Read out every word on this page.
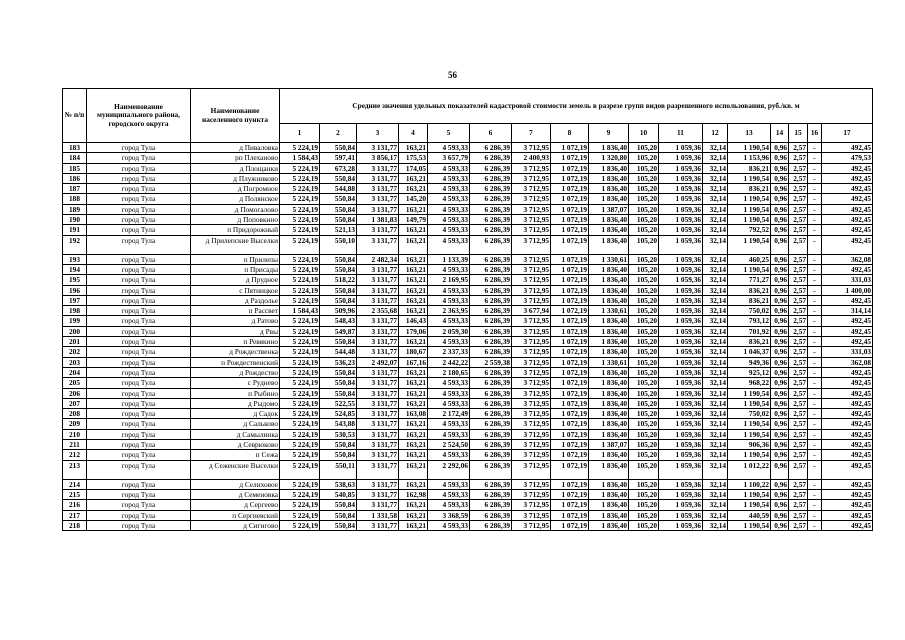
56
№ п/п	Наименование муниципального района, городского округа	Наименование населенного пункта	Средние значения удельных показателей кадастровой стоимости земель в разрезе групп видов разрешенного использования, руб./кв. м																
			1	2	3	4	5	6	7	8	9	10	11	12	13	14	15	16	17
183	город Тула	д Пиваловка	5 224,19	550,84	3 131,77	163,21	4 593,33	6 286,39	3 712,95	1 072,19	1 836,40	105,20	1 059,36	32,14	1 190,54	0,96	2,57	-	492,45
184	город Тула	рп Плеханово	1 584,43	597,41	3 856,17	175,53	3 657,79	6 286,39	2 400,93	1 072,19	1 320,80	105,20	1 059,36	32,14	1 153,96	0,96	2,57	-	479,53
185	город Тула	д Площанки	5 224,19	673,28	3 131,77	174,05	4 593,33	6 286,39	3 712,95	1 072,19	1 836,40	105,20	1 059,36	32,14	836,21	0,96	2,57	-	492,45
186	город Тула	д Плужниково	5 224,19	550,84	3 131,77	163,21	4 593,33	6 286,39	3 712,95	1 072,19	1 836,40	105,20	1 059,36	32,14	1 190,54	0,96	2,57	-	492,45
187	город Тула	д Погромное	5 224,19	544,88	3 131,77	163,21	4 593,33	6 286,39	3 712,95	1 072,19	1 836,40	105,20	1 059,36	32,14	836,21	0,96	2,57	-	492,45
188	город Тула	д Полянское	5 224,19	550,84	3 131,77	145,20	4 593,33	6 286,39	3 712,95	1 072,19	1 836,40	105,20	1 059,36	32,14	1 190,54	0,96	2,57	-	492,45
189	город Тула	д Помогалово	5 224,19	550,84	3 131,77	163,21	4 593,33	6 286,39	3 712,95	1 072,19	1 387,07	105,20	1 059,36	32,14	1 190,54	0,96	2,57	-	492,45
190	город Тула	д Поповкино	5 224,19	550,84	1 381,83	149,79	4 593,33	6 286,39	3 712,95	1 072,19	1 836,40	105,20	1 059,36	32,14	1 190,54	0,96	2,57	-	492,45
191	город Тула	п Придорожный	5 224,19	521,13	3 131,77	163,21	4 593,33	6 286,39	3 712,95	1 072,19	1 836,40	105,20	1 059,36	32,14	792,52	0,96	2,57	-	492,45
192	город Тула	д Прилепские Выселки	5 224,19	550,10	3 131,77	163,21	4 593,33	6 286,39	3 712,95	1 072,19	1 836,40	105,20	1 059,36	32,14	1 190,54	0,96	2,57	-	492,45
193	город Тула	п Прилепы	5 224,19	550,84	2 482,34	163,21	1 133,39	6 286,39	3 712,95	1 072,19	1 330,61	105,20	1 059,36	32,14	460,25	0,96	2,57	-	362,08
194	город Тула	п Присады	5 224,19	550,84	3 131,77	163,21	4 593,33	6 286,39	3 712,95	1 072,19	1 836,40	105,20	1 059,36	32,14	1 190,54	0,96	2,57	-	492,45
195	город Тула	д Прудное	5 224,19	518,22	3 131,77	163,21	2 169,95	6 286,39	3 712,95	1 072,19	1 836,40	105,20	1 059,36	32,14	771,27	0,96	2,57	-	331,03
196	город Тула	с Пятницкое	5 224,19	550,84	3 131,77	163,21	4 593,33	6 286,39	3 712,95	1 072,19	1 836,40	105,20	1 059,36	32,14	836,21	0,96	2,57	-	1 400,00
197	город Тула	д Раздолье	5 224,19	550,84	3 131,77	163,21	4 593,33	6 286,39	3 712,95	1 072,19	1 836,40	105,20	1 059,36	32,14	836,21	0,96	2,57	-	492,45
198	город Тула	п Рассвет	1 584,43	509,96	2 355,68	163,21	2 363,95	6 286,39	3 677,94	1 072,19	1 330,61	105,20	1 059,36	32,14	750,02	0,96	2,57	-	314,14
199	город Тула	д Ратово	5 224,19	548,43	3 131,77	146,43	4 593,33	6 286,39	3 712,95	1 072,19	1 836,40	105,20	1 059,36	32,14	793,12	0,96	2,57	-	492,45
200	город Тула	д Рвы	5 224,19	549,87	3 131,77	179,06	2 059,30	6 286,39	3 712,95	1 072,19	1 836,40	105,20	1 059,36	32,14	701,92	0,96	2,57	-	492,45
201	город Тула	п Ревякино	5 224,19	550,84	3 131,77	163,21	4 593,33	6 286,39	3 712,95	1 072,19	1 836,40	105,20	1 059,36	32,14	836,21	0,96	2,57	-	492,45
202	город Тула	д Рождественка	5 224,19	544,48	3 131,77	180,67	2 337,33	6 286,39	3 712,95	1 072,19	1 836,40	105,20	1 059,36	32,14	1 046,37	0,96	2,57	-	331,03
203	город Тула	п Рождественский	5 224,19	536,23	2 492,07	167,16	2 442,22	2 559,38	3 712,95	1 072,19	1 330,61	105,20	1 059,36	32,14	949,36	0,96	2,57	-	362,08
204	город Тула	д Рождество	5 224,19	550,84	3 131,77	163,21	2 180,65	6 286,39	3 712,95	1 072,19	1 836,40	105,20	1 059,36	32,14	925,12	0,96	2,57	-	492,45
205	город Тула	с Руднево	5 224,19	550,84	3 131,77	163,21	4 593,33	6 286,39	3 712,95	1 072,19	1 836,40	105,20	1 059,36	32,14	968,22	0,96	2,57	-	492,45
206	город Тула	п Рыбино	5 224,19	550,84	3 131,77	163,21	4 593,33	6 286,39	3 712,95	1 072,19	1 836,40	105,20	1 059,36	32,14	1 190,54	0,96	2,57	-	492,45
207	город Тула	д Рыдомо	5 224,19	522,55	3 131,77	163,21	4 593,33	6 286,39	3 712,95	1 072,19	1 836,40	105,20	1 059,36	32,14	1 190,54	0,96	2,57	-	492,45
208	город Тула	д Садок	5 224,19	524,85	3 131,77	163,08	2 172,49	6 286,39	3 712,95	1 072,19	1 836,40	105,20	1 059,36	32,14	750,02	0,96	2,57	-	492,45
209	город Тула	д Сальково	5 224,19	543,88	3 131,77	163,21	4 593,33	6 286,39	3 712,95	1 072,19	1 836,40	105,20	1 059,36	32,14	1 190,54	0,96	2,57	-	492,45
210	город Тула	д Самылинка	5 224,19	530,53	3 131,77	163,21	4 593,33	6 286,39	3 712,95	1 072,19	1 836,40	105,20	1 059,36	32,14	1 190,54	0,96	2,57	-	492,45
211	город Тула	д Севрюково	5 224,19	550,84	3 131,77	163,21	2 524,50	6 286,39	3 712,95	1 072,19	1 387,07	105,20	1 059,36	32,14	906,36	0,96	2,57	-	492,45
212	город Тула	п Сежа	5 224,19	550,84	3 131,77	163,21	4 593,33	6 286,39	3 712,95	1 072,19	1 836,40	105,20	1 059,36	32,14	1 190,54	0,96	2,57	-	492,45
213	город Тула	д Сеженские Выселки	5 224,19	550,11	3 131,77	163,21	2 292,06	6 286,39	3 712,95	1 072,19	1 836,40	105,20	1 059,36	32,14	1 012,22	0,96	2,57	-	492,45
214	город Тула	д Селиховое	5 224,19	538,63	3 131,77	163,21	4 593,33	6 286,39	3 712,95	1 072,19	1 836,40	105,20	1 059,36	32,14	1 100,22	0,96	2,57	-	492,45
215	город Тула	д Семеновка	5 224,19	540,85	3 131,77	162,98	4 593,33	6 286,39	3 712,95	1 072,19	1 836,40	105,20	1 059,36	32,14	1 190,54	0,96	2,57	-	492,45
216	город Тула	д Сергеево	5 224,19	550,84	3 131,77	163,21	4 593,33	6 286,39	3 712,95	1 072,19	1 836,40	105,20	1 059,36	32,14	1 190,54	0,96	2,57	-	492,45
217	город Тула	п Сергиевский	5 224,19	550,84	1 331,58	163,21	3 368,59	6 286,39	3 712,95	1 072,19	1 836,40	105,20	1 059,36	32,14	440,59	0,96	2,57	-	492,45
218	город Тула	д Сигигово	5 224,19	550,84	3 131,77	163,21	4 593,33	6 286,39	3 712,95	1 072,19	1 836,40	105,20	1 059,36	32,14	1 190,54	0,96	2,57	-	492,45
